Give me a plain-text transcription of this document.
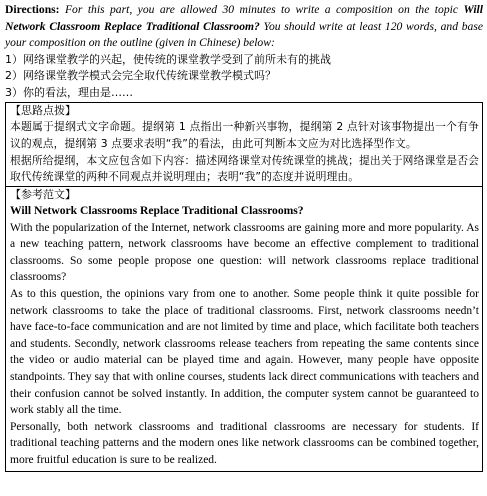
Directions: For this part, you are allowed 30 minutes to write a composition on the topic Will Network Classroom Replace Traditional Classroom? You should write at least 120 words, and base your composition on the outline (given in Chinese) below:

1）网络课堂教学的兴起，使传统的课堂教学受到了前所未有的挑战
2）网络课堂教学模式会完全取代传统课堂教学模式吗？
3）你的看法，理由是……

【思路点拨】

本题属于提纲式文字命题。提纲第 1 点指出一种新兴事物，提纲第 2 点针对该事物提出一个有争议的观点，提纲第 3 点要求表明“我”的看法，由此可判断本文应为对比选择型作文。

根据所给提纲，本文应包含如下内容：描述网络课堂对传统课堂的挑战；提出关于网络课堂是否会取代传统课堂的两种不同观点并说明理由；表明“我”的态度并说明理由。

【参考范文】

Will Network Classrooms Replace Traditional Classrooms?

With the popularization of the Internet, network classrooms are gaining more and more popularity. As a new teaching pattern, network classrooms have become an effective complement to traditional classrooms. So some people propose one question: will network classrooms replace traditional classrooms?

As to this question, the opinions vary from one to another. Some people think it quite possible for network classrooms to take the place of traditional classrooms. First, network classrooms needn’t have face-to-face communication and are not limited by time and place, which facilitate both teachers and students. Secondly, network classrooms release teachers from repeating the same contents since the video or audio material can be played time and again. However, many people have opposite standpoints. They say that with online courses, students lack direct communications with teachers and their confusion cannot be solved instantly. In addition, the computer system cannot be guaranteed to work stably all the time.

Personally, both network classrooms and traditional classrooms are necessary for students. If traditional teaching patterns and the modern ones like network classrooms can be combined together, more fruitful education is sure to be realized.
